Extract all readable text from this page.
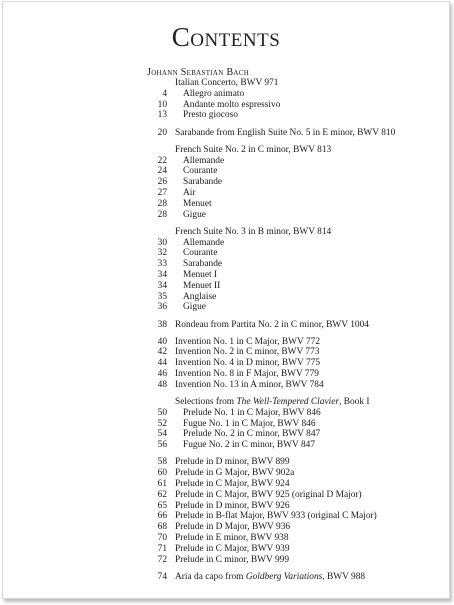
Contents
Johann Sebastian Bach
Italian Concerto, BWV 971
4 Allegro animato
10 Andante molto espressivo
13 Presto giocoso
20 Sarabande from English Suite No. 5 in E minor, BWV 810
French Suite No. 2 in C minor, BWV 813
22 Allemande
24 Courante
26 Sarabande
27 Air
28 Menuet
28 Gigue
French Suite No. 3 in B minor, BWV 814
30 Allemande
32 Courante
33 Sarabande
34 Menuet I
34 Menuet II
35 Anglaise
36 Gigue
38 Rondeau from Partita No. 2 in C minor, BWV 1004
40 Invention No. 1 in C Major, BWV 772
42 Invention No. 2 in C minor, BWV 773
44 Invention No. 4 in D minor, BWV 775
46 Invention No. 8 in F Major, BWV 779
48 Invention No. 13 in A minor, BWV 784
Selections from The Well-Tempered Clavier, Book I
50 Prelude No. 1 in C Major, BWV 846
52 Fugue No. 1 in C Major, BWV 846
54 Prelude No. 2 in C minor, BWV 847
56 Fugue No. 2 in C minor, BWV 847
58 Prelude in D minor, BWV 899
60 Prelude in G Major, BWV 902a
61 Prelude in C Major, BWV 924
62 Prelude in C Major, BWV 925 (original D Major)
65 Prelude in D minor, BWV 926
66 Prelude in B-flat Major, BWV 933 (original C Major)
68 Prelude in D Major, BWV 936
70 Prelude in E minor, BWV 938
71 Prelude in C Major, BWV 939
72 Prelude in C minor, BWV 999
74 Aria da capo from Goldberg Variations, BWV 988
